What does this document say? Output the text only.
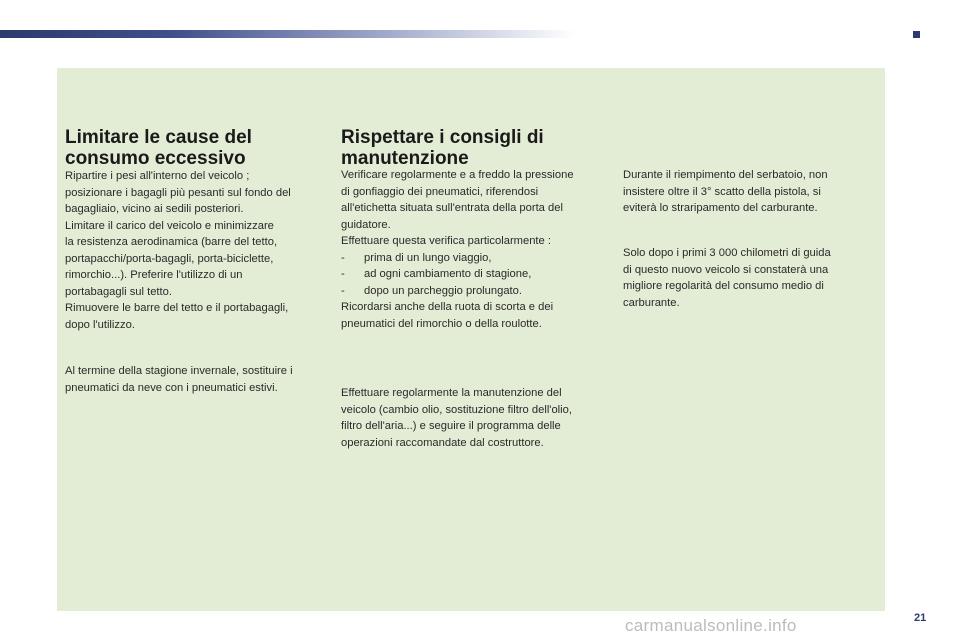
Limitare le cause del consumo eccessivo
Ripartire i pesi all'interno del veicolo ;
posizionare i bagagli più pesanti sul fondo del
bagagliaio, vicino ai sedili posteriori.
Limitare il carico del veicolo e minimizzare
la resistenza aerodinamica (barre del tetto,
portapacchi/porta-bagagli, porta-biciclette,
rimorchio...). Preferire l'utilizzo di un
portabagagli sul tetto.
Rimuovere le barre del tetto e il portabagagli,
dopo l'utilizzo.
Al termine della stagione invernale, sostituire i
pneumatici da neve con i pneumatici estivi.
Rispettare i consigli di manutenzione
Verificare regolarmente e a freddo la pressione
di gonfiaggio dei pneumatici, riferendosi
all'etichetta situata sull'entrata della porta del
guidatore.
Effettuare questa verifica particolarmente :
-	prima di un lungo viaggio,
-	ad ogni cambiamento di stagione,
-	dopo un parcheggio prolungato.
Ricordarsi anche della ruota di scorta e dei
pneumatici del rimorchio o della roulotte.
Effettuare regolarmente la manutenzione del
veicolo (cambio olio, sostituzione filtro dell'olio,
filtro dell'aria...) e seguire il programma delle
operazioni raccomandate dal costruttore.
Durante il riempimento del serbatoio, non
insistere oltre il 3° scatto della pistola, si
eviterà lo straripamento del carburante.
Solo dopo i primi 3 000 chilometri di guida
di questo nuovo veicolo si constaterà una
migliore regolarità del consumo medio di
carburante.
carmanualsonline.info	21
